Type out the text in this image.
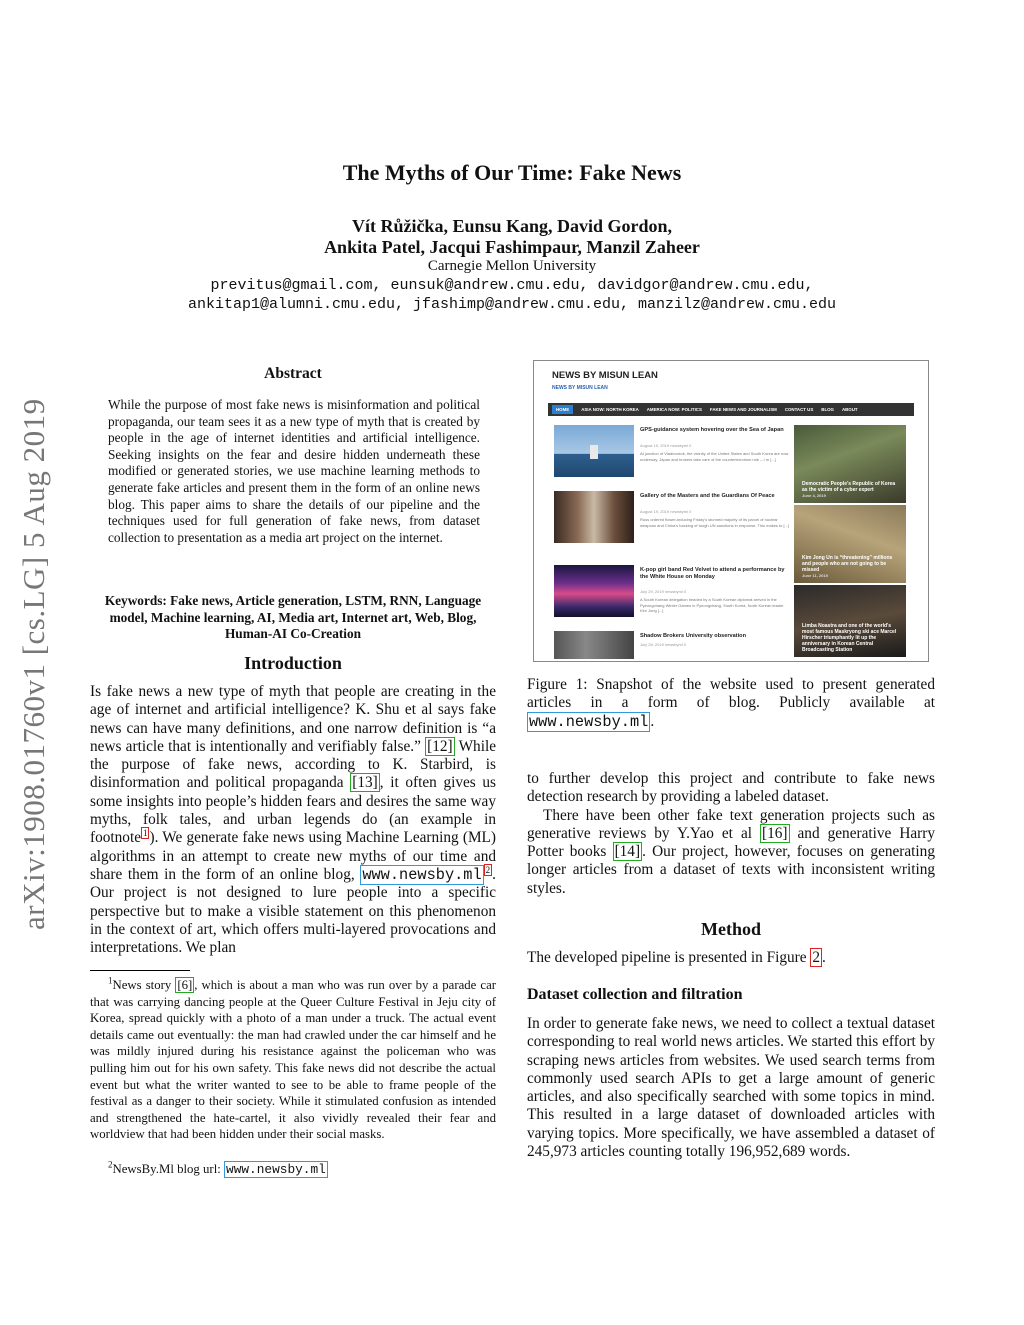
The Myths of Our Time: Fake News
Vít Růžička, Eunsu Kang, David Gordon,
Ankita Patel, Jacqui Fashimpaur, Manzil Zaheer
Carnegie Mellon University
previtus@gmail.com, eunsuk@andrew.cmu.edu, davidgor@andrew.cmu.edu,
ankitap1@alumni.cmu.edu, jfashimp@andrew.cmu.edu, manzilz@andrew.cmu.edu
arXiv:1908.01760v1 [cs.LG] 5 Aug 2019
Abstract
While the purpose of most fake news is misinformation and political propaganda, our team sees it as a new type of myth that is created by people in the age of internet identities and artificial intelligence. Seeking insights on the fear and desire hidden underneath these modified or generated stories, we use machine learning methods to generate fake articles and present them in the form of an online news blog. This paper aims to share the details of our pipeline and the techniques used for full generation of fake news, from dataset collection to presentation as a media art project on the internet.
Keywords: Fake news, Article generation, LSTM, RNN, Language model, Machine learning, AI, Media art, Internet art, Web, Blog, Human-AI Co-Creation
Introduction
Is fake news a new type of myth that people are creating in the age of internet and artificial intelligence? K. Shu et al says fake news can have many definitions, and one narrow definition is “a news article that is intentionally and verifiably false.” [12] While the purpose of fake news, according to K. Starbird, is disinformation and political propaganda [13] , it often gives us some insights into people’s hidden fears and desires the same way myths, folk tales, and urban legends do (an example in footnote $^1$ ). We generate fake news using Machine Learning (ML) algorithms in an attempt to create new myths of our time and share them in the form of an online blog, www.newsby.ml $^2$ . Our project is not designed to lure people into a specific perspective but to make a visible statement on this phenomenon in the context of art, which offers multi-layered provocations and interpretations. We plan
$^1$News story [6] , which is about a man who was run over by a parade car that was carrying dancing people at the Queer Culture Festival in Jeju city of Korea, spread quickly with a photo of a man under a truck. The actual event details came out eventually: the man had crawled under the car himself and he was mildly injured during his resistance against the policeman who was pulling him out for his own safety. This fake news did not describe the actual event but what the writer wanted to see to be able to frame people of the festival as a danger to their society. While it stimulated confusion as intended and strengthened the hate-cartel, it also vividly revealed their fear and worldview that had been hidden under their social masks.
$^2$NewsBy.Ml blog url: www.newsby.ml
NEWS BY MISUN LEAN
NEWS BY MISUN LEAN
HOME	ASIA NOW: NORTH KOREA AMERICA NOW: POLITICS FAKE NEWS AND JOURNALISM CONTACT US BLOG ABOUT
GPS-guidance system hovering over the Sea of Japan
August 19, 2019 newsbyml 0
At junction of Vladivostok, the vicinity of the United States and South Korea are now underway, Japan and brokers take care of the counterterrorism role – I m [...]
Gallery of the Masters and the Guardians Of Peace
August 19, 2019 newsbyml 0
Russ ordered flower-inducing Friday’s stunned majority of its parcel of nuclear weapons and China’s backing of tough UN sanctions in response. This makes to [...]
K-pop girl band Red Velvet to attend a performance by the White House on Monday
July 29, 2019 newsbyml 0
A South Korean delegation headed by a South Korean diplomat arrived in the Pyeongchang Winter Games in Pyeongchang, South Korea, North Korean leader Kim Jong [...]
Shadow Brokers University observation
July 28, 2019 newsbyml 0
Democratic People’s Republic of Korea as the victim of a cyber expert
June 4, 2019
Kim Jong Un is “threatening” millions and people who are not going to be missed
June 11, 2019
Limba Noastra and one of the world’s most famous Maskryong ski ace Marcel Hirscher triumphantly lit up the anniversary in Korean Central Broadcasting Station
Figure 1: Snapshot of the website used to present generated articles in a form of blog. Publicly available at www.newsby.ml .
to further develop this project and contribute to fake news detection research by providing a labeled dataset.
There have been other fake text generation projects such as generative reviews by Y.Yao et al [16] and generative Harry Potter books [14] . Our project, however, focuses on generating longer articles from a dataset of texts with inconsistent writing styles.
Method
The developed pipeline is presented in Figure 2 .
Dataset collection and filtration
In order to generate fake news, we need to collect a textual dataset corresponding to real world news articles. We started this effort by scraping news articles from websites. We used search terms from commonly used search APIs to get a large amount of generic articles, and also specifically searched with some topics in mind. This resulted in a large dataset of downloaded articles with varying topics. More specifically, we have assembled a dataset of 245,973 articles counting totally 196,952,689 words.
